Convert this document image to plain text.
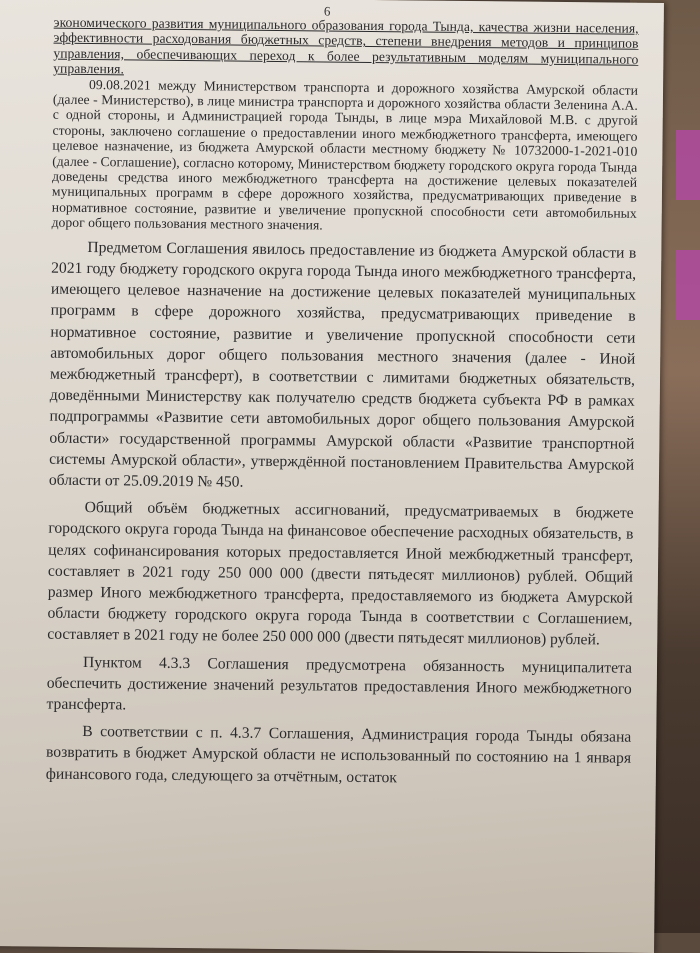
6

экономического развития муниципального образования города Тында, качества жизни населения, эффективности расходования бюджетных средств, степени внедрения методов и принципов управления, обеспечивающих переход к более результативным моделям муниципального управления.

09.08.2021 между Министерством транспорта и дорожного хозяйства Амурской области (далее - Министерство), в лице министра транспорта и дорожного хозяйства области Зеленина А.А. с одной стороны, и Администрацией города Тынды, в лице мэра Михайловой М.В. с другой стороны, заключено соглашение о предоставлении иного межбюджетного трансферта, имеющего целевое назначение, из бюджета Амурской области местному бюджету № 10732000-1-2021-010 (далее - Соглашение), согласно которому, Министерством бюджету городского округа города Тында доведены средства иного межбюджетного трансферта на достижение целевых показателей муниципальных программ в сфере дорожного хозяйства, предусматривающих приведение в нормативное состояние, развитие и увеличение пропускной способности сети автомобильных дорог общего пользования местного значения.

Предметом Соглашения явилось предоставление из бюджета Амурской области в 2021 году бюджету городского округа города Тында иного межбюджетного трансферта, имеющего целевое назначение на достижение целевых показателей муниципальных программ в сфере дорожного хозяйства, предусматривающих приведение в нормативное состояние, развитие и увеличение пропускной способности сети автомобильных дорог общего пользования местного значения (далее - Иной межбюджетный трансферт), в соответствии с лимитами бюджетных обязательств, доведёнными Министерству как получателю средств бюджета субъекта РФ в рамках подпрограммы «Развитие сети автомобильных дорог общего пользования Амурской области» государственной программы Амурской области «Развитие транспортной системы Амурской области», утверждённой постановлением Правительства Амурской области от 25.09.2019 № 450.

Общий объём бюджетных ассигнований, предусматриваемых в бюджете городского округа города Тында на финансовое обеспечение расходных обязательств, в целях софинансирования которых предоставляется Иной межбюджетный трансферт, составляет в 2021 году 250 000 000 (двести пятьдесят миллионов) рублей. Общий размер Иного межбюджетного трансферта, предоставляемого из бюджета Амурской области бюджету городского округа города Тында в соответствии с Соглашением, составляет в 2021 году не более 250 000 000 (двести пятьдесят миллионов) рублей.

Пунктом 4.3.3 Соглашения предусмотрена обязанность муниципалитета обеспечить достижение значений результатов предоставления Иного межбюджетного трансферта.

В соответствии с п. 4.3.7 Соглашения, Администрация города Тынды обязана возвратить в бюджет Амурской области не использованный по состоянию на 1 января финансового года, следующего за отчётным, остаток
